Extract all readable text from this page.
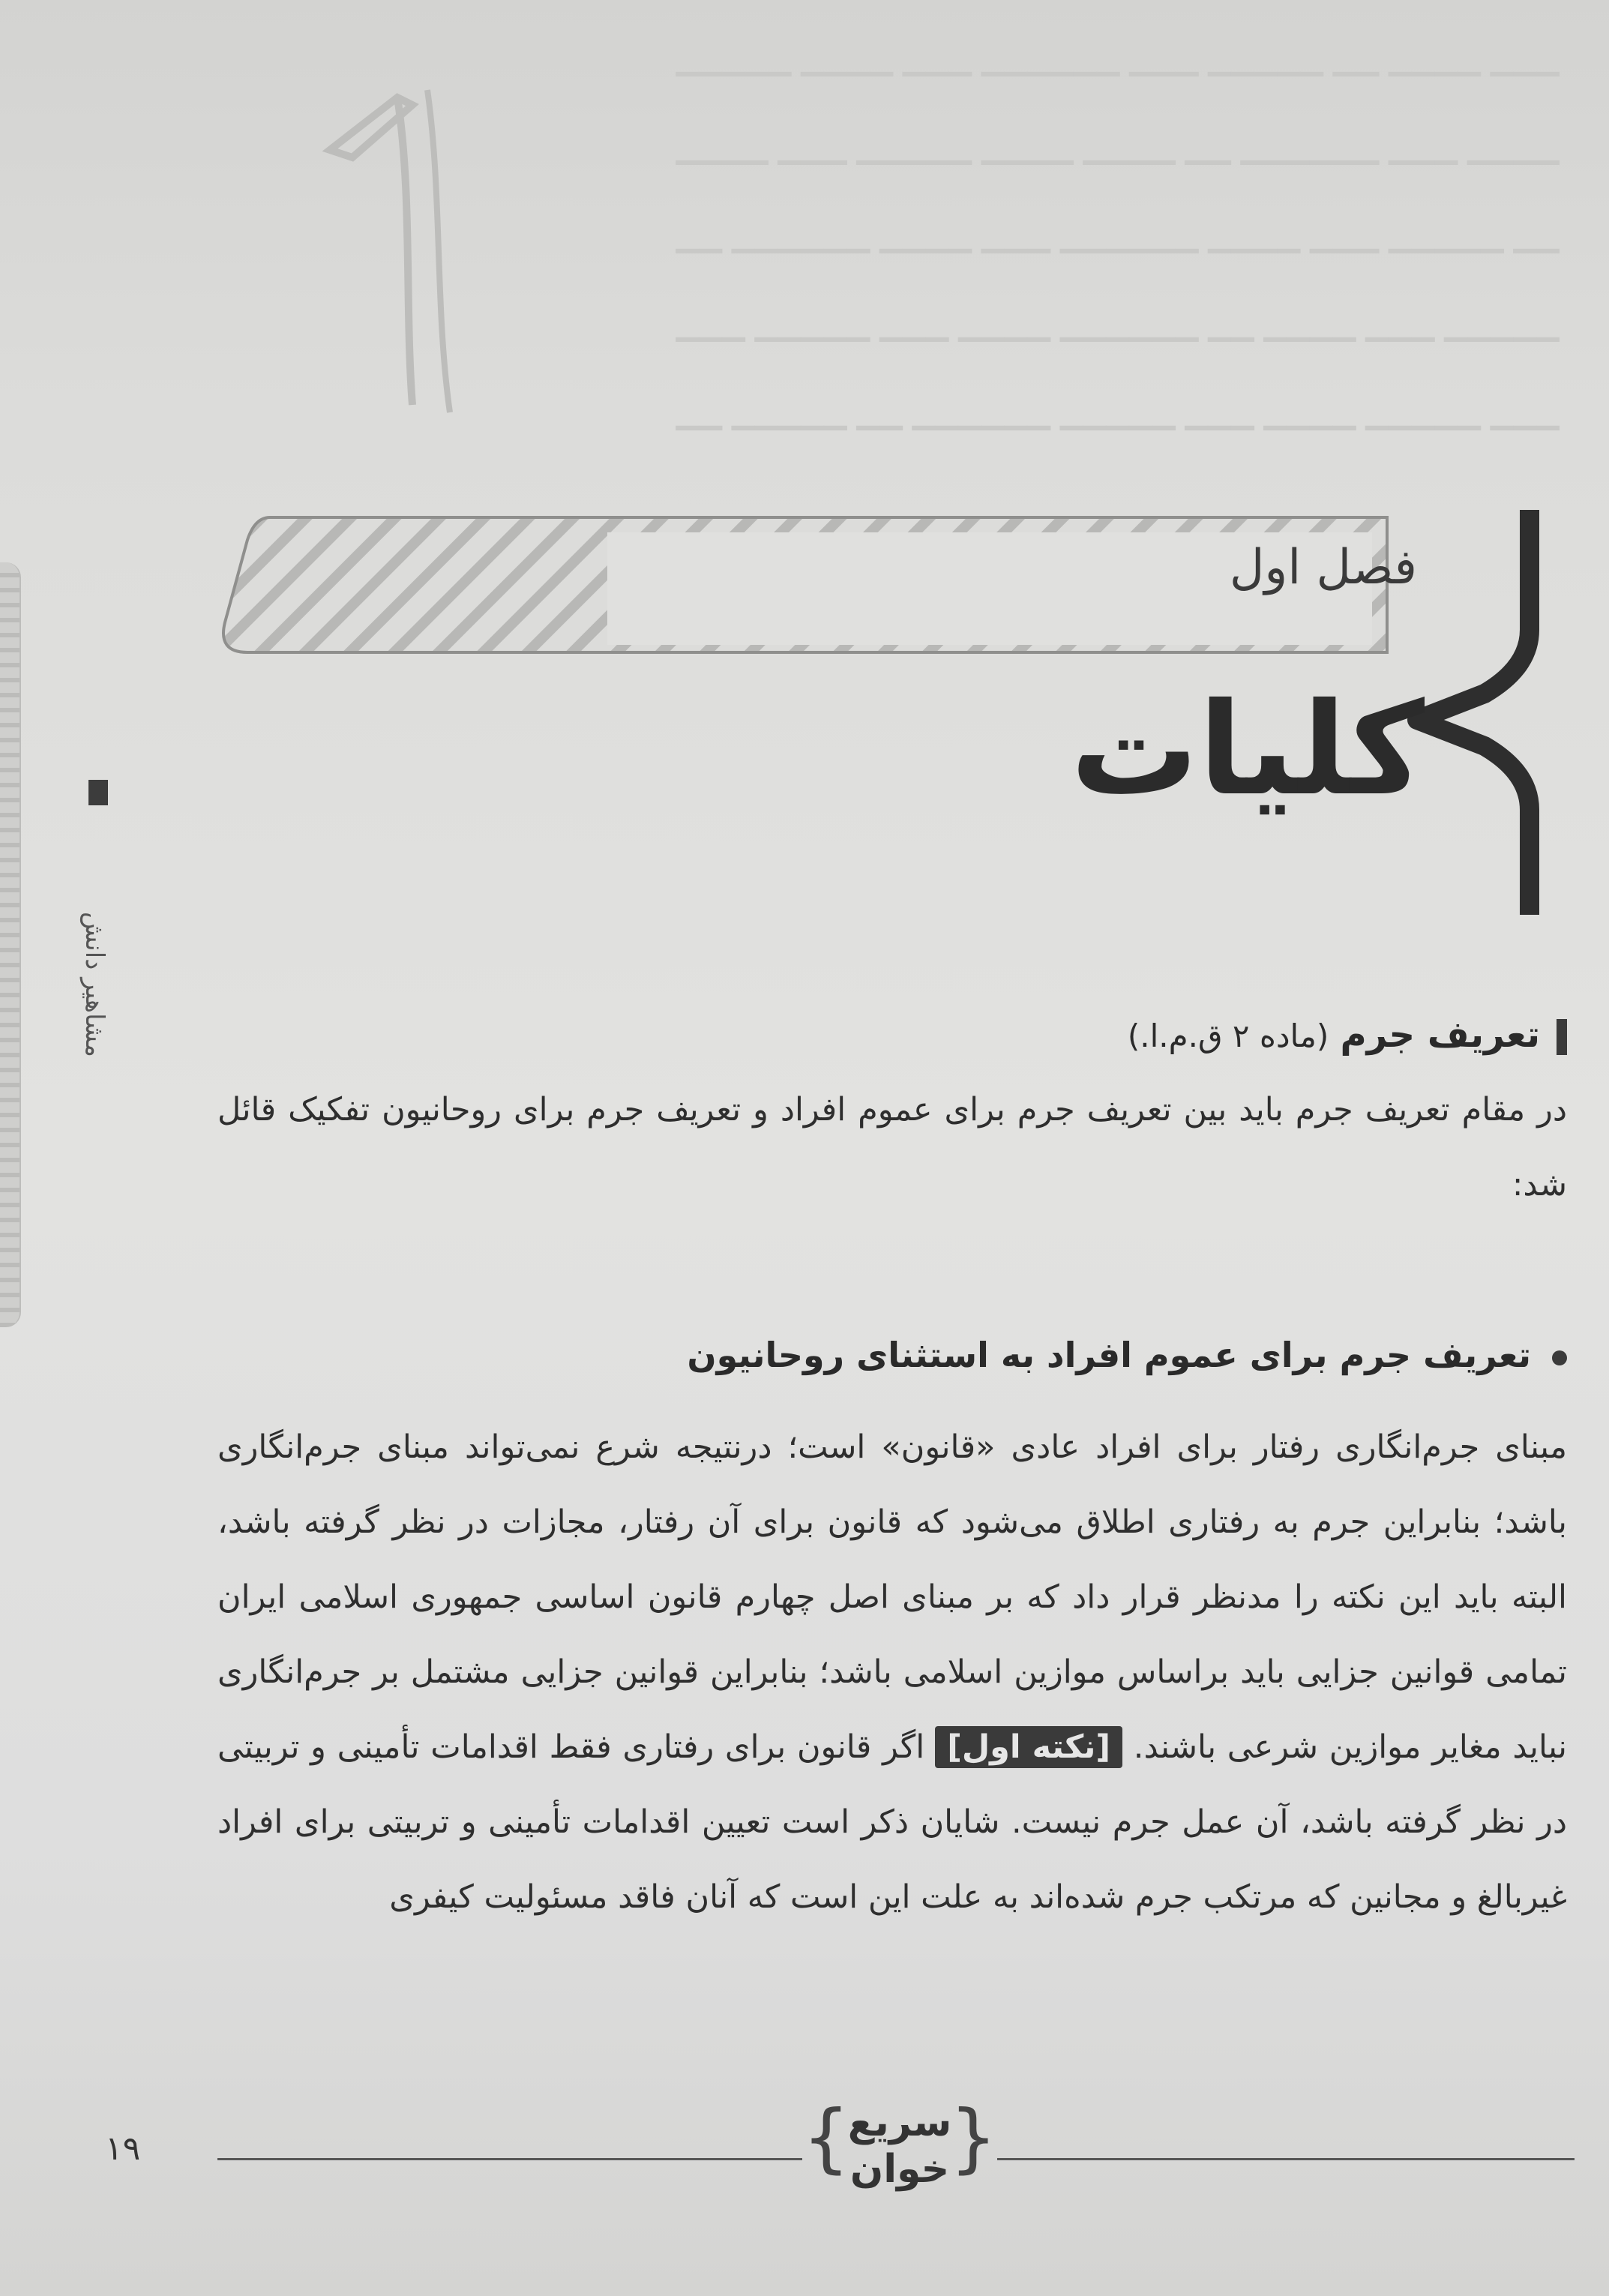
▁▁▁ ▁▁▁▁ ▁▁ ▁▁▁▁▁ ▁▁▁ ▁▁▁▁▁▁ ▁▁▁ ▁▁▁▁ ▁▁▁▁▁
▁▁▁▁ ▁▁▁ ▁▁▁▁▁▁ ▁▁ ▁▁▁▁ ▁▁▁▁ ▁▁▁▁▁ ▁▁▁ ▁▁▁▁
▁▁ ▁▁▁▁▁ ▁▁▁ ▁▁▁▁ ▁▁▁▁▁▁ ▁▁▁ ▁▁▁▁ ▁▁▁▁▁▁ ▁▁
▁▁▁▁▁ ▁▁▁ ▁▁▁▁ ▁▁ ▁▁▁▁▁▁ ▁▁▁▁ ▁▁▁ ▁▁▁▁▁ ▁▁▁
▁▁▁ ▁▁▁▁▁ ▁▁▁▁ ▁▁▁ ▁▁▁▁▁ ▁▁▁▁▁▁ ▁▁ ▁▁▁▁▁ ▁▁
مشاهیر دانش
فصل اول
کلیات
تعریف جرم (ماده ۲ ق.م.ا.)
در مقام تعریف جرم باید بین تعریف جرم برای عموم افراد و تعریف جرم برای روحانیون تفکیک قائل شد:
تعریف جرم برای عموم افراد به استثنای روحانیون
مبنای جرم‌انگاری رفتار برای افراد عادی «قانون» است؛ درنتیجه شرع نمی‌تواند مبنای جرم‌انگاری باشد؛ بنابراین جرم به رفتاری اطلاق می‌شود که قانون برای آن رفتار، مجازات در نظر گرفته باشد، البته باید این نکته را مدنظر قرار داد که بر مبنای اصل چهارم قانون اساسی جمهوری اسلامی ایران تمامی قوانین جزایی باید براساس موازین اسلامی باشد؛ بنابراین قوانین جزایی مشتمل بر جرم‌انگاری نباید مغایر موازین شرعی باشند. [نکته اول]اگر قانون برای رفتاری فقط اقدامات تأمینی و تربیتی در نظر گرفته باشد، آن عمل جرم نیست. شایان ذکر است تعیین اقدامات تأمینی و تربیتی برای افراد غیربالغ و مجانین که مرتکب جرم شده‌اند به علت این است که آنان فاقد مسئولیت کیفری
۱۹	{
سریع
خوان }
